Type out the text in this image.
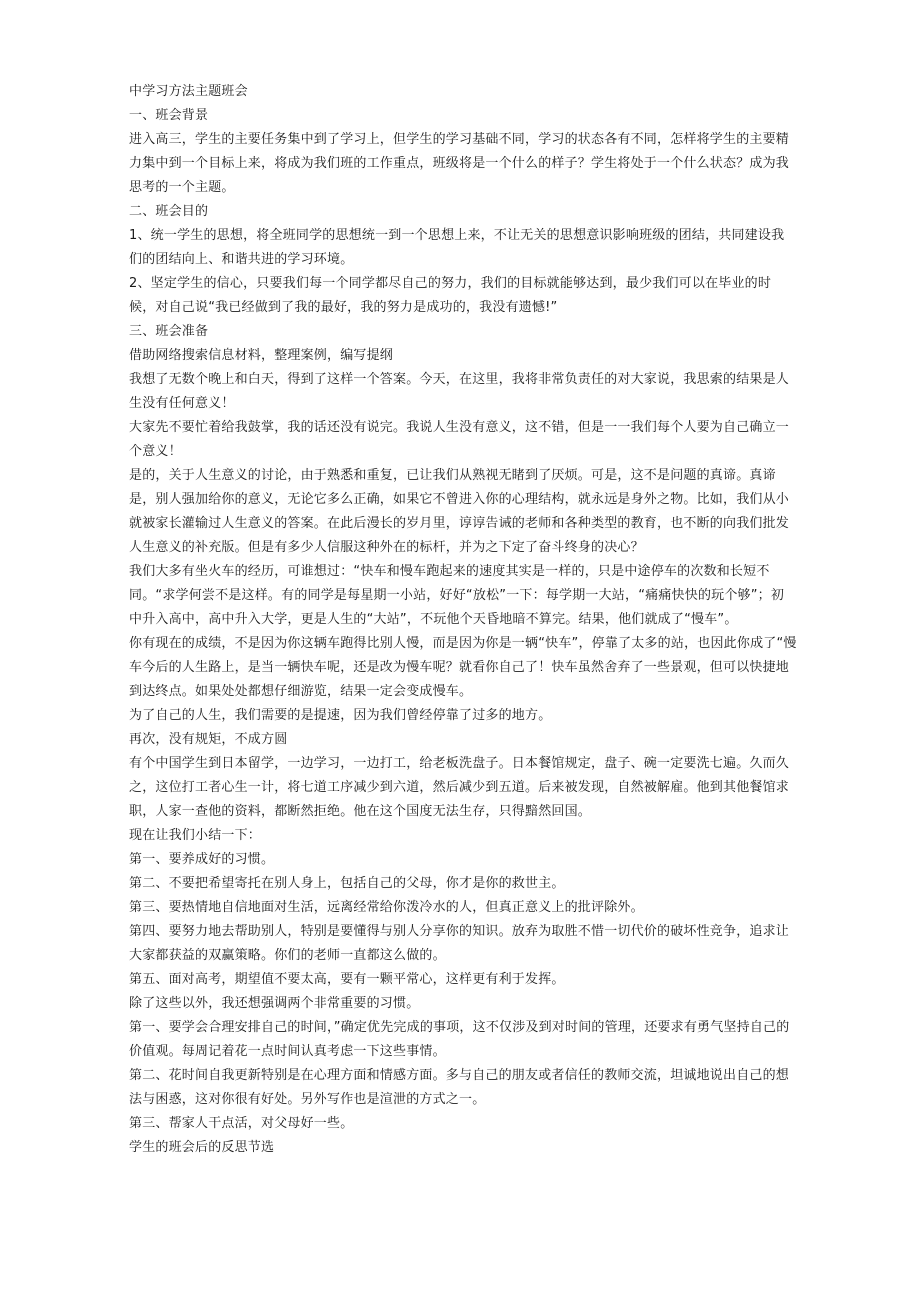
中学习方法主题班会
一、班会背景
进入高三，学生的主要任务集中到了学习上，但学生的学习基础不同，学习的状态各有不同，怎样将学生的主要精力集中到一个目标上来，将成为我们班的工作重点，班级将是一个什么的样子？学生将处于一个什么状态？成为我思考的一个主题。
二、班会目的
1、统一学生的思想，将全班同学的思想统一到一个思想上来，不让无关的思想意识影响班级的团结，共同建设我们的团结向上、和谐共进的学习环境。
2、坚定学生的信心，只要我们每一个同学都尽自己的努力，我们的目标就能够达到，最少我们可以在毕业的时候，对自己说“我已经做到了我的最好，我的努力是成功的，我没有遗憾!”
三、班会准备
借助网络搜索信息材料，整理案例，编写提纲
我想了无数个晚上和白天，得到了这样一个答案。今天，在这里，我将非常负责任的对大家说，我思索的结果是人生没有任何意义！
大家先不要忙着给我鼓掌，我的话还没有说完。我说人生没有意义，这不错，但是一一我们每个人要为自己确立一个意义！
是的，关于人生意义的讨论，由于熟悉和重复，已让我们从熟视无睹到了厌烦。可是，这不是问题的真谛。真谛是，别人强加给你的意义，无论它多么正确，如果它不曾进入你的心理结构，就永远是身外之物。比如，我们从小就被家长灌输过人生意义的答案。在此后漫长的岁月里，谆谆告诫的老师和各种类型的教育，也不断的向我们批发人生意义的补充版。但是有多少人信服这种外在的标杆，并为之下定了奋斗终身的决心？
我们大多有坐火车的经历，可谁想过：“快车和慢车跑起来的速度其实是一样的，只是中途停车的次数和长短不同。“求学何尝不是这样。有的同学是每星期一小站，好好“放松”一下：每学期一大站，“痛痛快快的玩个够”；初中升入高中，高中升入大学，更是人生的“大站”，不玩他个天昏地暗不算完。结果，他们就成了“慢车”。
你有现在的成绩，不是因为你这辆车跑得比别人慢，而是因为你是一辆“快车”，停靠了太多的站，也因此你成了“慢车今后的人生路上，是当一辆快车呢，还是改为慢车呢？就看你自己了！快车虽然舍弃了一些景观，但可以快捷地到达终点。如果处处都想仔细游览，结果一定会变成慢车。
为了自己的人生，我们需要的是提速，因为我们曾经停靠了过多的地方。
再次，没有规矩，不成方圆
有个中国学生到日本留学，一边学习，一边打工，给老板洗盘子。日本餐馆规定，盘子、碗一定要洗七遍。久而久之，这位打工者心生一计，将七道工序减少到六道，然后减少到五道。后来被发现，自然被解雇。他到其他餐馆求职，人家一查他的资料，都断然拒绝。他在这个国度无法生存，只得黯然回国。
现在让我们小结一下：
第一、要养成好的习惯。
第二、不要把希望寄托在别人身上，包括自己的父母，你才是你的救世主。
第三、要热情地自信地面对生活，远离经常给你泼冷水的人，但真正意义上的批评除外。
第四、要努力地去帮助别人，特别是要懂得与别人分享你的知识。放弃为取胜不惜一切代价的破坏性竞争，追求让大家都获益的双赢策略。你们的老师一直都这么做的。
第五、面对高考，期望值不要太高，要有一颗平常心，这样更有利于发挥。
除了这些以外，我还想强调两个非常重要的习惯。
第一、要学会合理安排自己的时间，”确定优先完成的事项，这不仅涉及到对时间的管理，还要求有勇气坚持自己的价值观。每周记着花一点时间认真考虑一下这些事情。
第二、花时间自我更新特别是在心理方面和情感方面。多与自己的朋友或者信任的教师交流，坦诚地说出自己的想法与困惑，这对你很有好处。另外写作也是渲泄的方式之一。
第三、帮家人干点活，对父母好一些。
学生的班会后的反思节选
